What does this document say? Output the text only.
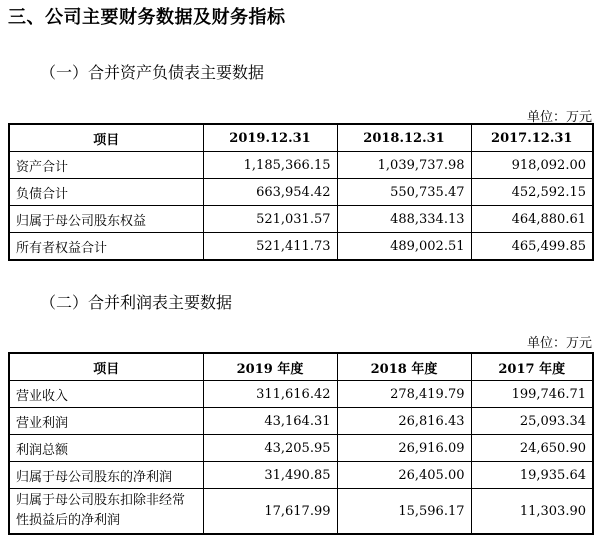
三、公司主要财务数据及财务指标
（一）合并资产负债表主要数据
单位：万元
项目	2019.12.31	2018.12.31	2017.12.31
资产合计	1,185,366.15	1,039,737.98	918,092.00
负债合计	663,954.42	550,735.47	452,592.15
归属于母公司股东权益	521,031.57	488,334.13	464,880.61
所有者权益合计	521,411.73	489,002.51	465,499.85
（二）合并利润表主要数据
单位：万元
项目	2019 年度	2018 年度	2017 年度
营业收入	311,616.42	278,419.79	199,746.71
营业利润	43,164.31	26,816.43	25,093.34
利润总额	43,205.95	26,916.09	24,650.90
归属于母公司股东的净利润	31,490.85	26,405.00	19,935.64
归属于母公司股东扣除非经常性损益后的净利润	17,617.99	15,596.17	11,303.90
